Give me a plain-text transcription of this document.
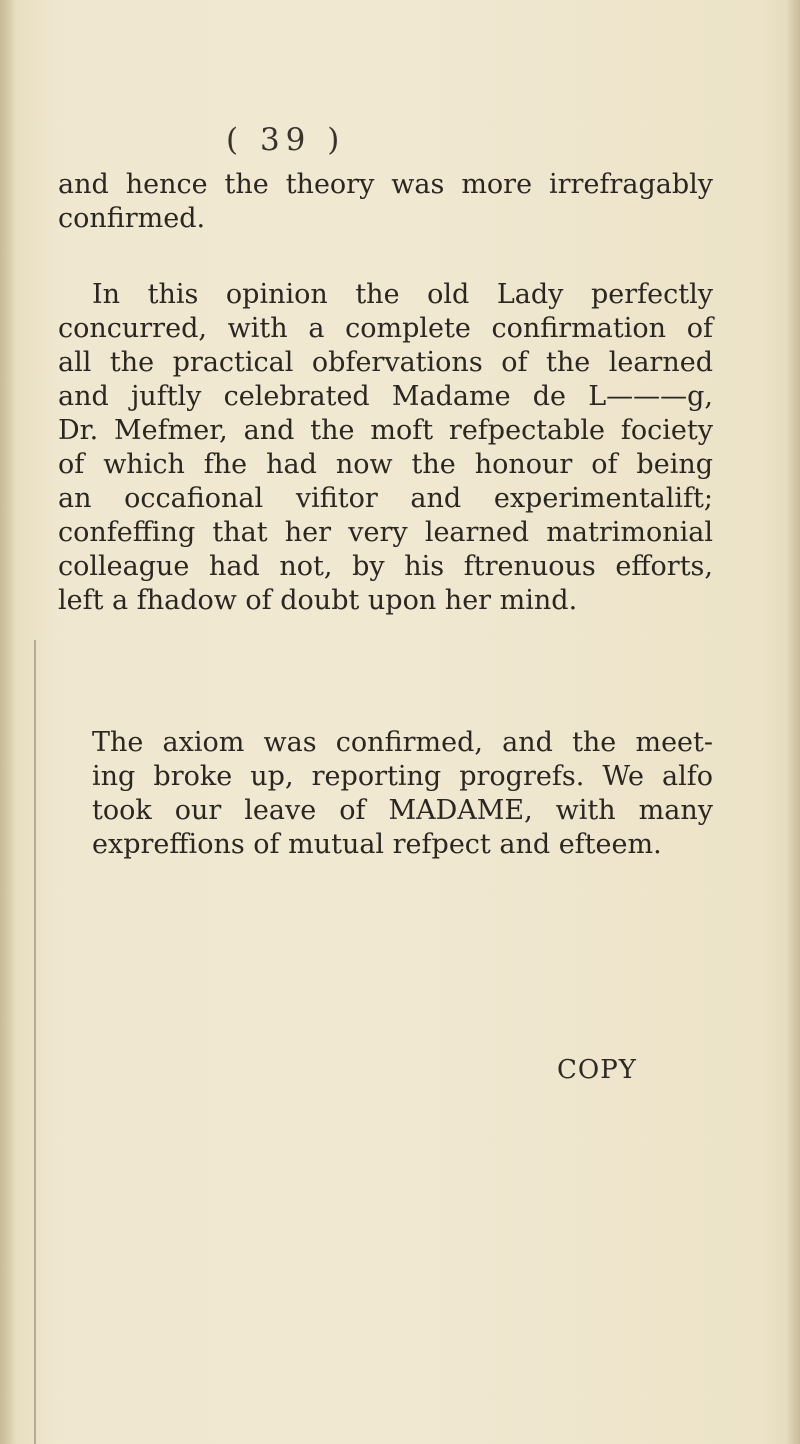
( 39 )
and hence the theory was more irrefragably
confirmed.
In this opinion the old Lady perfectly
concurred, with a complete confirmation of
all the practical obfervations of the learned
and juftly celebrated Madame de L———g,
Dr. Mefmer, and the moft refpectable fociety
of which fhe had now the honour of being
an occafional vifitor and experimentalift;
confeffing that her very learned matrimonial
colleague had not, by his ftrenuous efforts,
left a fhadow of doubt upon her mind.
The axiom was confirmed, and the meet-
ing broke up, reporting progrefs. We alfo
took our leave of MADAME, with many
expreffions of mutual refpect and efteem.
COPY
